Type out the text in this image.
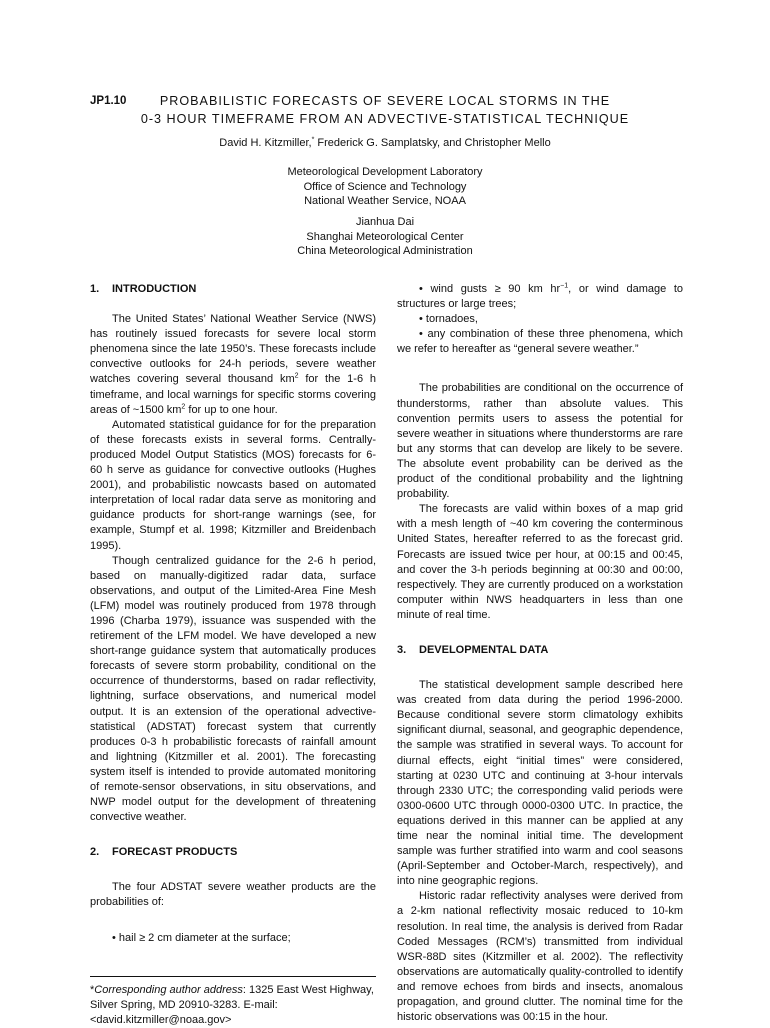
JP1.10	PROBABILISTIC FORECASTS OF SEVERE LOCAL STORMS IN THE
0-3 HOUR TIMEFRAME FROM AN ADVECTIVE-STATISTICAL TECHNIQUE
David H. Kitzmiller,* Frederick G. Samplatsky, and Christopher Mello
Meteorological Development Laboratory
Office of Science and Technology
National Weather Service, NOAA
Jianhua Dai
Shanghai Meteorological Center
China Meteorological Administration

1. INTRODUCTION

The United States’ National Weather Service (NWS) has routinely issued forecasts for severe local storm phenomena since the late 1950’s. These forecasts include convective outlooks for 24-h periods, severe weather watches covering several thousand $km^2$ for the 1-6 h timeframe, and local warnings for specific storms covering areas of ~1500 $km^2$ for up to one hour.

Automated statistical guidance for for the preparation of these forecasts exists in several forms. Centrally-produced Model Output Statistics (MOS) forecasts for 6-60 h serve as guidance for convective outlooks (Hughes 2001), and probabilistic nowcasts based on automated interpretation of local radar data serve as monitoring and guidance products for short-range warnings (see, for example, Stumpf et al. 1998; Kitzmiller and Breidenbach 1995).

Though centralized guidance for the 2-6 h period, based on manually-digitized radar data, surface observations, and output of the Limited-Area Fine Mesh (LFM) model was routinely produced from 1978 through 1996 (Charba 1979), issuance was suspended with the retirement of the LFM model. We have developed a new short-range guidance system that automatically produces forecasts of severe storm probability, conditional on the occurrence of thunderstorms, based on radar reflectivity, lightning, surface observations, and numerical model output. It is an extension of the operational advective-statistical (ADSTAT) forecast system that currently produces 0-3 h probabilistic forecasts of rainfall amount and lightning (Kitzmiller et al. 2001). The forecasting system itself is intended to provide automated monitoring of remote-sensor observations, in situ observations, and NWP model output for the development of threatening convective weather.

2. FORECAST PRODUCTS

The four ADSTAT severe weather products are the probabilities of:

• hail ≥ 2 cm diameter at the surface;

*Corresponding author address: 1325 East West Highway, Silver Spring, MD 20910-3283. E-mail: <david.kitzmiller@noaa.gov>

• wind gusts ≥ 90 km $hr^{-1}$, or wind damage to structures or large trees;

• tornadoes,

• any combination of these three phenomena, which we refer to hereafter as “general severe weather.”

The probabilities are conditional on the occurrence of thunderstorms, rather than absolute values. This convention permits users to assess the potential for severe weather in situations where thunderstorms are rare but any storms that can develop are likely to be severe. The absolute event probability can be derived as the product of the conditional probability and the lightning probability.

The forecasts are valid within boxes of a map grid with a mesh length of ~40 km covering the conterminous United States, hereafter referred to as the forecast grid. Forecasts are issued twice per hour, at 00:15 and 00:45, and cover the 3-h periods beginning at 00:30 and 00:00, respectively. They are currently produced on a workstation computer within NWS headquarters in less than one minute of real time.

3. DEVELOPMENTAL DATA

The statistical development sample described here was created from data during the period 1996-2000. Because conditional severe storm climatology exhibits significant diurnal, seasonal, and geographic dependence, the sample was stratified in several ways. To account for diurnal effects, eight “initial times” were considered, starting at 0230 UTC and continuing at 3-hour intervals through 2330 UTC; the corresponding valid periods were 0300-0600 UTC through 0000-0300 UTC. In practice, the equations derived in this manner can be applied at any time near the nominal initial time. The development sample was further stratified into warm and cool seasons (April-September and October-March, respectively), and into nine geographic regions.

Historic radar reflectivity analyses were derived from a 2-km national reflectivity mosaic reduced to 10-km resolution. In real time, the analysis is derived from Radar Coded Messages (RCM’s) transmitted from individual WSR-88D sites (Kitzmiller et al. 2002). The reflectivity observations are automatically quality-controlled to identify and remove echoes from birds and insects, anomalous propagation, and ground clutter. The nominal time for the historic observations was 00:15 in the hour.
